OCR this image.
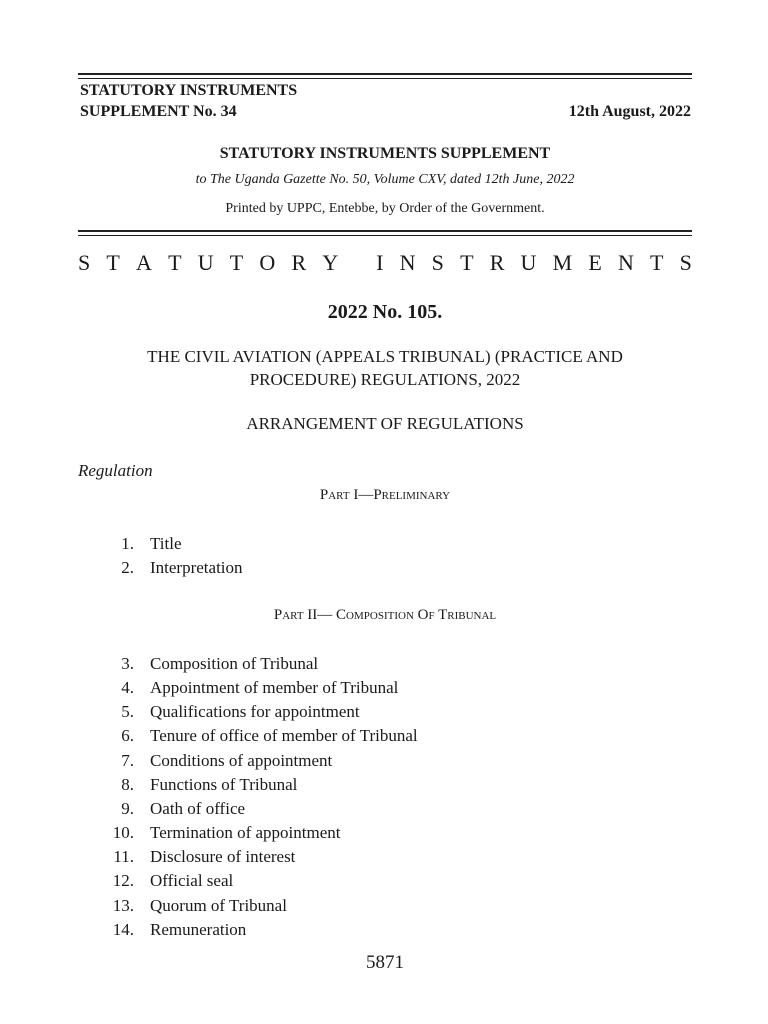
STATUTORY INSTRUMENTS
SUPPLEMENT No. 34	12th August, 2022
STATUTORY INSTRUMENTS SUPPLEMENT
to The Uganda Gazette No. 50, Volume CXV, dated 12th June, 2022
Printed by UPPC, Entebbe, by Order of the Government.
S T A T U T O R Y
I N S T R U M E N T S
2022 No. 105.
THE CIVIL AVIATION (APPEALS TRIBUNAL) (PRACTICE AND
PROCEDURE) REGULATIONS, 2022
ARRANGEMENT OF REGULATIONS
Regulation
Part I—Preliminary
1. Title
2. Interpretation
Part II— Composition Of Tribunal
3. Composition of Tribunal
4. Appointment of member of Tribunal
5. Qualifications for appointment
6. Tenure of office of member of Tribunal
7. Conditions of appointment
8. Functions of Tribunal
9. Oath of office
10. Termination of appointment
11. Disclosure of interest
12. Official seal
13. Quorum of Tribunal
14. Remuneration
5871
